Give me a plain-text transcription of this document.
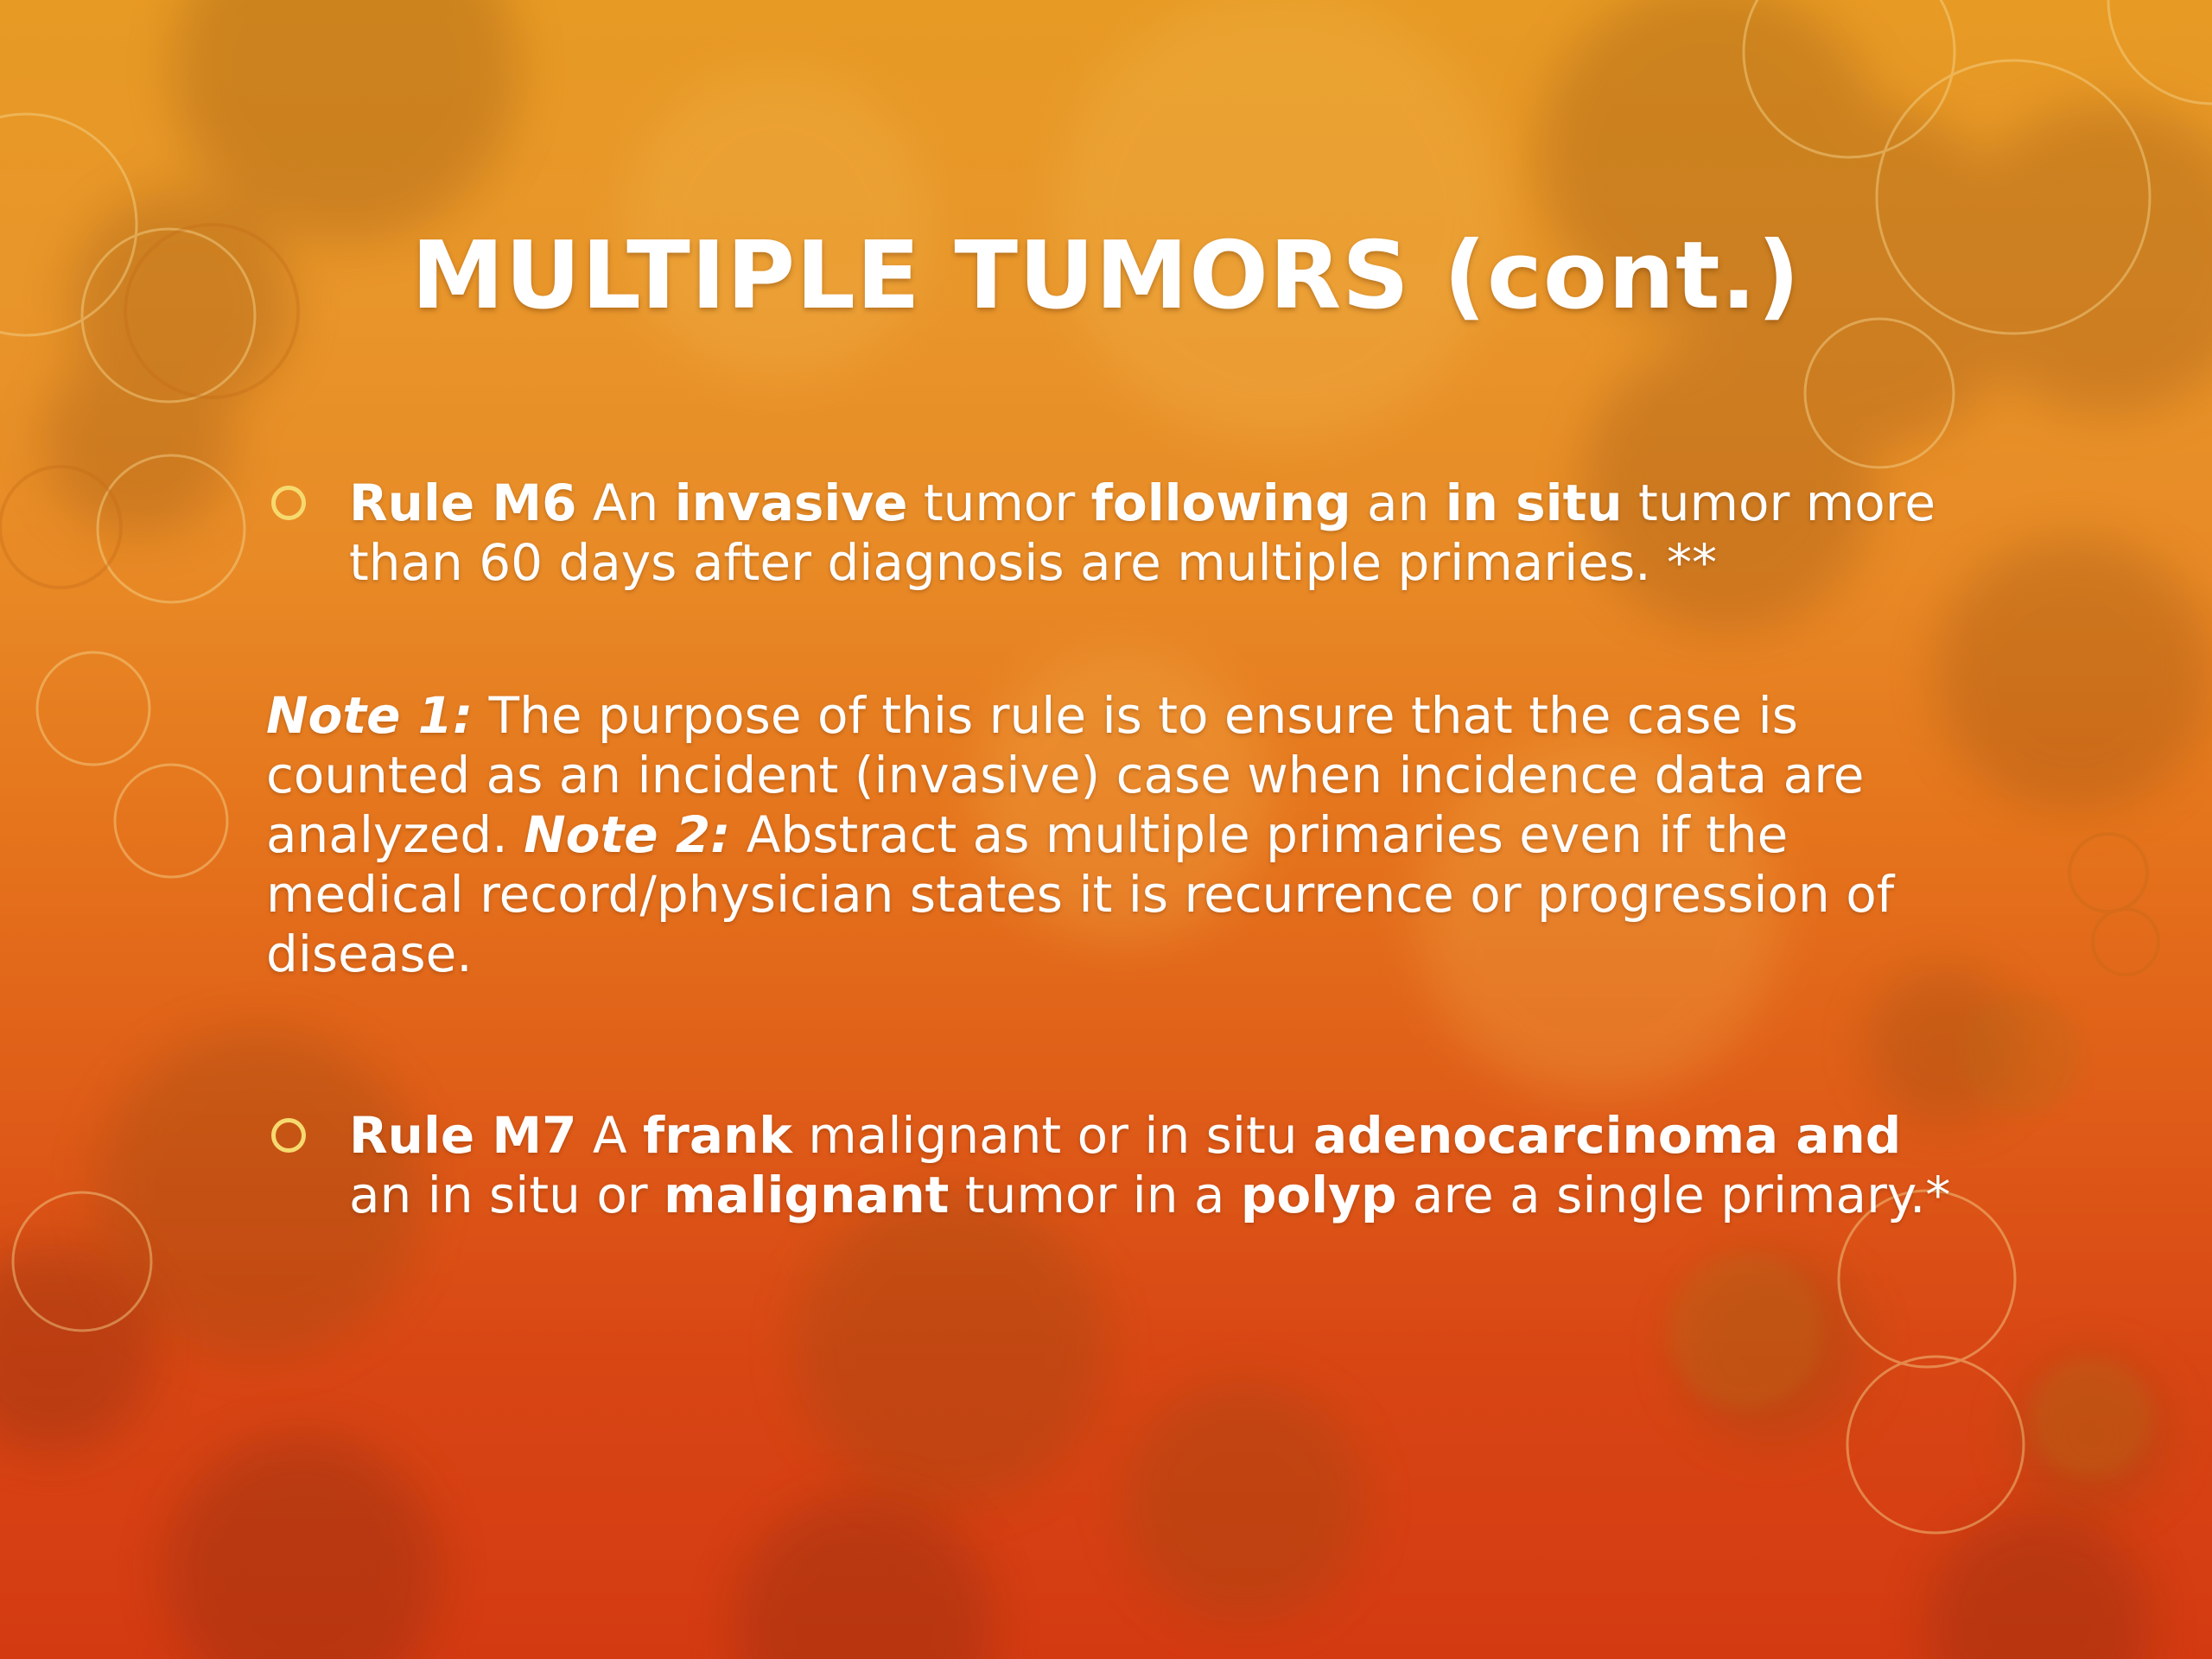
MULTIPLE TUMORS (cont.)
Rule M6 An invasive tumor following an in situ tumor more than 60 days after diagnosis are multiple primaries. **
Note 1: The purpose of this rule is to ensure that the case is counted as an incident (invasive) case when incidence data are analyzed. Note 2: Abstract as multiple primaries even if the medical record/physician states it is recurrence or progression of disease.
Rule M7 A frank malignant or in situ adenocarcinoma and an in situ or malignant tumor in a polyp are a single primary.*
